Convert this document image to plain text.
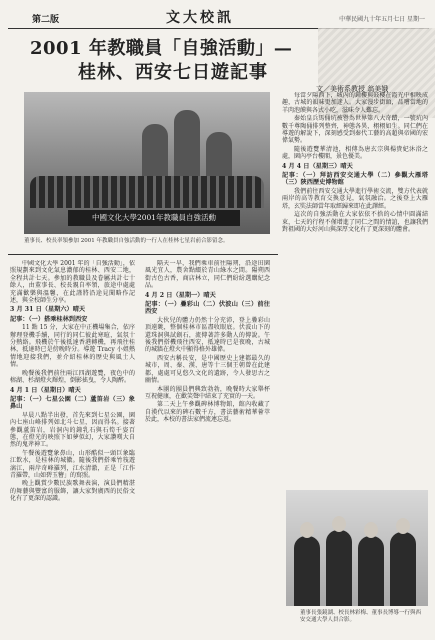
第二版	文大校訊	中華民國九十年五月七日 星期一
2001 年教職員「自強活動」—
桂林、西安七日遊記事
文／美術系教授 翁美娥
中國文化大學2001年教職員自強活動
董事長、校長率領參加 2001 年教職員自強活動的一行人在桂林七星岩前合影留念。

中國文化大學 2001 年的「自強活動」，依照規劃來到文化氣息濃郁的桂林、西安二地，全程共計七天。參加的教職員及眷屬共計七十餘人，由董事長、校長親自率領，旅途中處處充滿歡樂與溫馨，在此謹將沿途見聞略作記述，與全校師生分享。

3 月 31 日（星期六）晴天
記事：（一）搭乘桂林到西安

11 點 15 分，大家在中正機場集合，依序辦理登機手續，同行的同仁彼此寒暄，氣氛十分熱絡。飛機於午後抵達香港轉機，再飛往桂林，抵達時已是傍晚時分。導遊 Tracy 小姐熱情地迎接我們，並介紹桂林的歷史與風土人情。

晚餐後我們前往兩江四湖遊覽，夜色中的榕湖、杉湖燈火輝煌，倒影搖曳，令人陶醉。

4 月 1 日（星期日）晴天
記事：（一）七星公園（二）蘆笛岩（三）象鼻山

早晨八點半出發，首先來到七星公園，園內七座山峰排列如北斗七星，因而得名。接著參觀蘆笛岩，岩洞內的鐘乳石與石筍千姿百態，在燈光的映照下如夢似幻，大家讚嘆大自然的鬼斧神工。

午餐後遊覽象鼻山，山形酷似一頭巨象臨江飲水，是桂林的城徽。隨後我們搭乘竹筏遊漓江，兩岸奇峰羅列，江水清澈，正是「江作青羅帶，山如碧玉簪」的寫照。

晚上觀賞少數民族歌舞表演，演員們精湛的舞藝與豐富的服飾，讓大家對廣西的民俗文化有了更深的認識。

隔天一早，我們乘車前往陽朔，沿途田園風光宜人，農舍點綴於青山綠水之間。陽朔西街古色古香，商店林立，同仁們紛紛選購紀念品。

4 月 2 日（星期一）晴天
記事：（一）疊彩山（二）伏波山（三）前往西安

大伙兒的體力仍然十分充沛，登上疊彩山頂遠眺，整個桂林市區盡收眼底。伏波山下的還珠洞與試劍石，流傳著許多動人的傳說。午後我們搭機飛往西安，抵達時已是夜晚，古城的城牆在燈火中顯得格外雄偉。

西安古稱長安，是中國歷史上建都最久的城市，周、秦、漢、唐等十三個王朝曾在此建都，處處可見悠久文化的遺跡，令人發思古之幽情。

本團的團員們興致勃勃，晚餐時大家舉杯互祝健康，在歡笑聲中結束了充實的一天。

第二天上午參觀碑林博物館，館內收藏了自漢代以來的碑石數千方，書法藝術精華薈萃於此，本校的書法家們流連忘返。

每當夕陽西下，城內的鐘樓與鼓樓在霞光中相映成趣，古城的韻味更加迷人。大家漫步街頭，品嚐當地的羊肉泡饃與各式小吃，滋味令人難忘。

秦始皇兵馬俑坑被譽為世界第八大奇蹟，一號坑內數千尊陶俑排列整齊，神態各異，栩栩如生。同仁們在導遊的解說下，深刻感受到秦代工藝的高超與帝國的宏偉氣勢。

隨後遊覽華清池，相傳為唐玄宗與楊貴妃沐浴之處，園內亭台樓閣，景色優美。

4 月 4 日（星期三）晴天
記事：（一）拜訪西安交通大學（二）參觀大雁塔（三）陝西歷史博物館

我們前往西安交通大學進行學術交流，雙方代表就兩岸的高等教育交換意見，氣氛融洽。之後登上大雁塔，玄奘法師當年取經歸來即在此譯經。

這次的自強活動在大家依依不捨的心情中圓滿結束，七天的行程不僅增進了同仁之間的情誼，也讓我們對祖國的大好河山與深厚文化有了更深刻的體會。

董事長張鏡湖、校長林彩梅、董事長博導一行與西安交通大學人員合影。
